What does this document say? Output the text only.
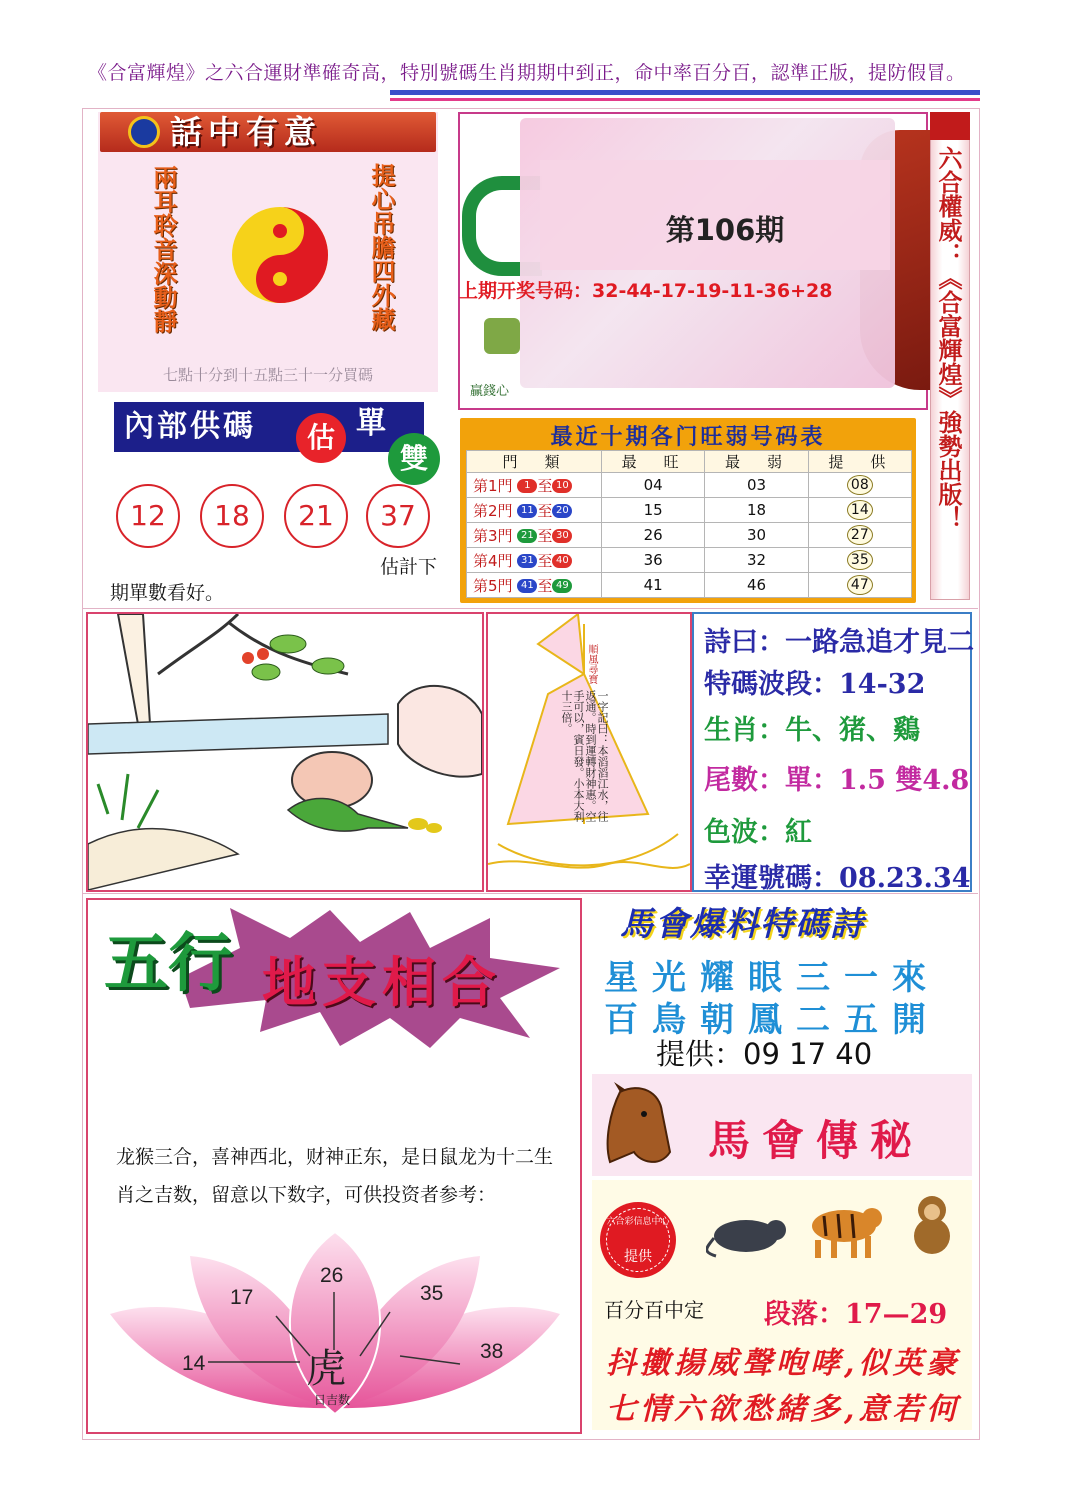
《合富輝煌》之六合運財準確奇高，特別號碼生肖期期中到正，命中率百分百，認準正版，提防假冒。
話中有意
兩耳聆音深動靜	提心吊膽四外藏
七點十分到十五點三十一分買碼
內部供碼	估 單
雙
12	18	21	37
估計下
期單數看好。
第106期
上期开奖号码：32-44-17-19-11-36+28
贏錢心	六合權威：《合富輝煌》強勢出版！
最近十期各门旺弱号码表
門　類	最　旺	最　弱	提　供
第1門 1 至 10	04	03	08
第2門 11 至 20	15	18	14
第3門 21 至 30	26	30	27
第4門 31 至 40	36	32	35
第5門 41 至 49	41	46	47
順風尋寶
一字記曰：本滔滔江水，往返通。時到運轉財神惠。空手可以，賓日發。小本大利十三倍。
詩曰：一路急追才見二
特碼波段：14-32
生肖：牛、猪、鷄
尾數：單：1.5 雙4.8
色波：紅
幸運號碼：08.23.34
五行 地支相合
龙猴三合，喜神西北，财神正东，是日鼠龙为十二生肖之吉数，留意以下数字，可供投资者参考：
14
17
26
35
38
虎
日吉数
馬會爆料特碼詩
星光耀眼三一來
百鳥朝鳳二五開
提供：09 17 40
馬會傳秘
六合彩信息中心
提供
百分百中定 段落：17—29
抖擻揚威聲咆哮,似英豪
七情六欲愁緒多,意若何
